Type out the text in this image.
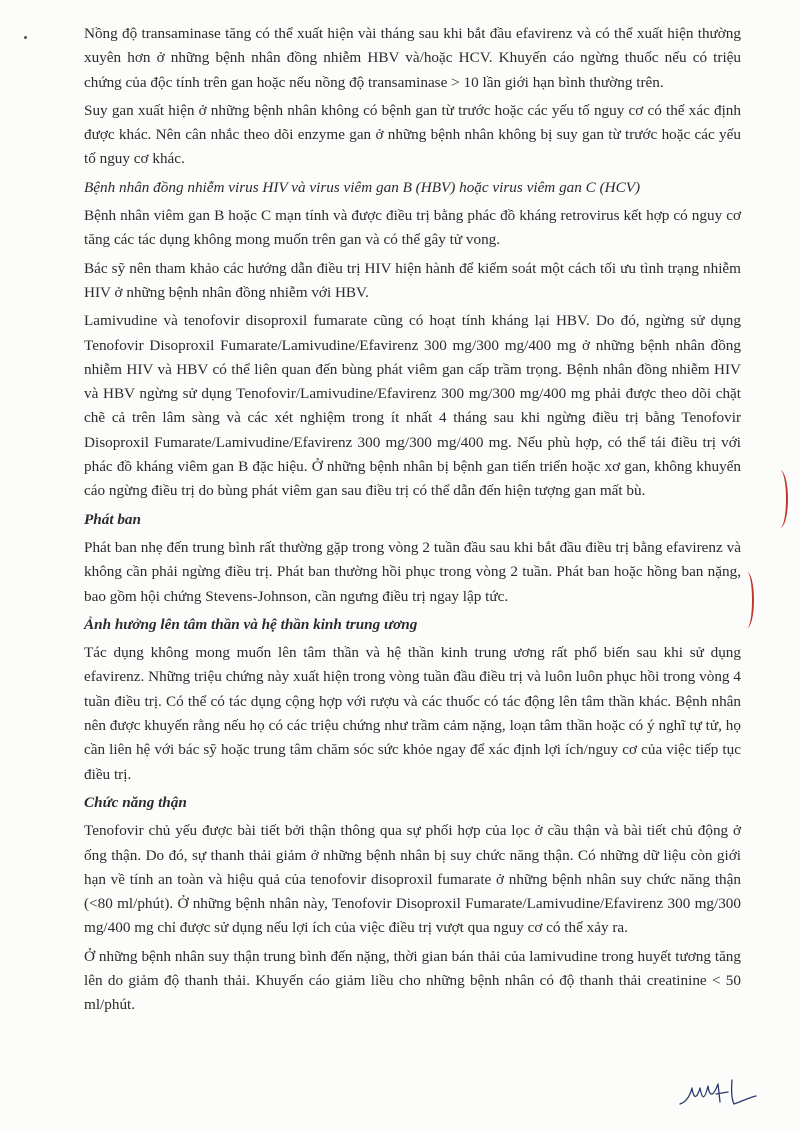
Nồng độ transaminase tăng có thể xuất hiện vài tháng sau khi bắt đầu efavirenz và có thể xuất hiện thường xuyên hơn ở những bệnh nhân đồng nhiễm HBV và/hoặc HCV. Khuyến cáo ngừng thuốc nếu có triệu chứng của độc tính trên gan hoặc nếu nồng độ transaminase > 10 lần giới hạn bình thường trên.

Suy gan xuất hiện ở những bệnh nhân không có bệnh gan từ trước hoặc các yếu tố nguy cơ có thể xác định được khác. Nên cân nhắc theo dõi enzyme gan ở những bệnh nhân không bị suy gan từ trước hoặc các yếu tố nguy cơ khác.

Bệnh nhân đồng nhiễm virus HIV và virus viêm gan B (HBV) hoặc virus viêm gan C (HCV)

Bệnh nhân viêm gan B hoặc C mạn tính và được điều trị bằng phác đồ kháng retrovirus kết hợp có nguy cơ tăng các tác dụng không mong muốn trên gan và có thể gây tử vong.

Bác sỹ nên tham khảo các hướng dẫn điều trị HIV hiện hành để kiểm soát một cách tối ưu tình trạng nhiễm HIV ở những bệnh nhân đồng nhiễm với HBV.

Lamivudine và tenofovir disoproxil fumarate cũng có hoạt tính kháng lại HBV. Do đó, ngừng sử dụng Tenofovir Disoproxil Fumarate/Lamivudine/Efavirenz 300 mg/300 mg/400 mg ở những bệnh nhân đồng nhiễm HIV và HBV có thể liên quan đến bùng phát viêm gan cấp trầm trọng. Bệnh nhân đồng nhiễm HIV và HBV ngừng sử dụng Tenofovir/Lamivudine/Efavirenz 300 mg/300 mg/400 mg phải được theo dõi chặt chẽ cả trên lâm sàng và các xét nghiệm trong ít nhất 4 tháng sau khi ngừng điều trị bằng Tenofovir Disoproxil Fumarate/Lamivudine/Efavirenz 300 mg/300 mg/400 mg. Nếu phù hợp, có thể tái điều trị với phác đồ kháng viêm gan B đặc hiệu. Ở những bệnh nhân bị bệnh gan tiến triển hoặc xơ gan, không khuyến cáo ngừng điều trị do bùng phát viêm gan sau điều trị có thể dẫn đến hiện tượng gan mất bù.

Phát ban

Phát ban nhẹ đến trung bình rất thường gặp trong vòng 2 tuần đầu sau khi bắt đầu điều trị bằng efavirenz và không cần phải ngừng điều trị. Phát ban thường hồi phục trong vòng 2 tuần. Phát ban hoặc hồng ban nặng, bao gồm hội chứng Stevens-Johnson, cần ngưng điều trị ngay lập tức.

Ảnh hưởng lên tâm thần và hệ thần kinh trung ương

Tác dụng không mong muốn lên tâm thần và hệ thần kinh trung ương rất phổ biến sau khi sử dụng efavirenz. Những triệu chứng này xuất hiện trong vòng tuần đầu điều trị và luôn luôn phục hồi trong vòng 4 tuần điều trị. Có thể có tác dụng cộng hợp với rượu và các thuốc có tác động lên tâm thần khác. Bệnh nhân nên được khuyến rằng nếu họ có các triệu chứng như trầm cảm nặng, loạn tâm thần hoặc có ý nghĩ tự tử, họ cần liên hệ với bác sỹ hoặc trung tâm chăm sóc sức khỏe ngay để xác định lợi ích/nguy cơ của việc tiếp tục điều trị.

Chức năng thận

Tenofovir chủ yếu được bài tiết bởi thận thông qua sự phối hợp của lọc ở cầu thận và bài tiết chủ động ở ống thận. Do đó, sự thanh thải giảm ở những bệnh nhân bị suy chức năng thận. Có những dữ liệu còn giới hạn về tính an toàn và hiệu quả của tenofovir disoproxil fumarate ở những bệnh nhân suy chức năng thận (<80 ml/phút). Ở những bệnh nhân này, Tenofovir Disoproxil Fumarate/Lamivudine/Efavirenz 300 mg/300 mg/400 mg chỉ được sử dụng nếu lợi ích của việc điều trị vượt qua nguy cơ có thể xảy ra.

Ở những bệnh nhân suy thận trung bình đến nặng, thời gian bán thải của lamivudine trong huyết tương tăng lên do giảm độ thanh thải. Khuyến cáo giảm liều cho những bệnh nhân có độ thanh thải creatinine < 50 ml/phút.
